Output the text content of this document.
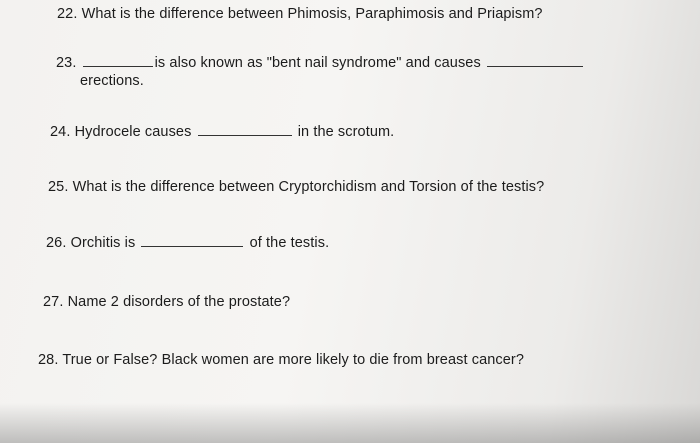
22. What is the difference between Phimosis, Paraphimosis and Priapism?
23.	is also known as "bent nail syndrome" and causes
erections.
24. Hydrocele causes	in the scrotum.
25. What is the difference between Cryptorchidism and Torsion of the testis?
26. Orchitis is	of the testis.
27. Name 2 disorders of the prostate?
28. True or False? Black women are more likely to die from breast cancer?
